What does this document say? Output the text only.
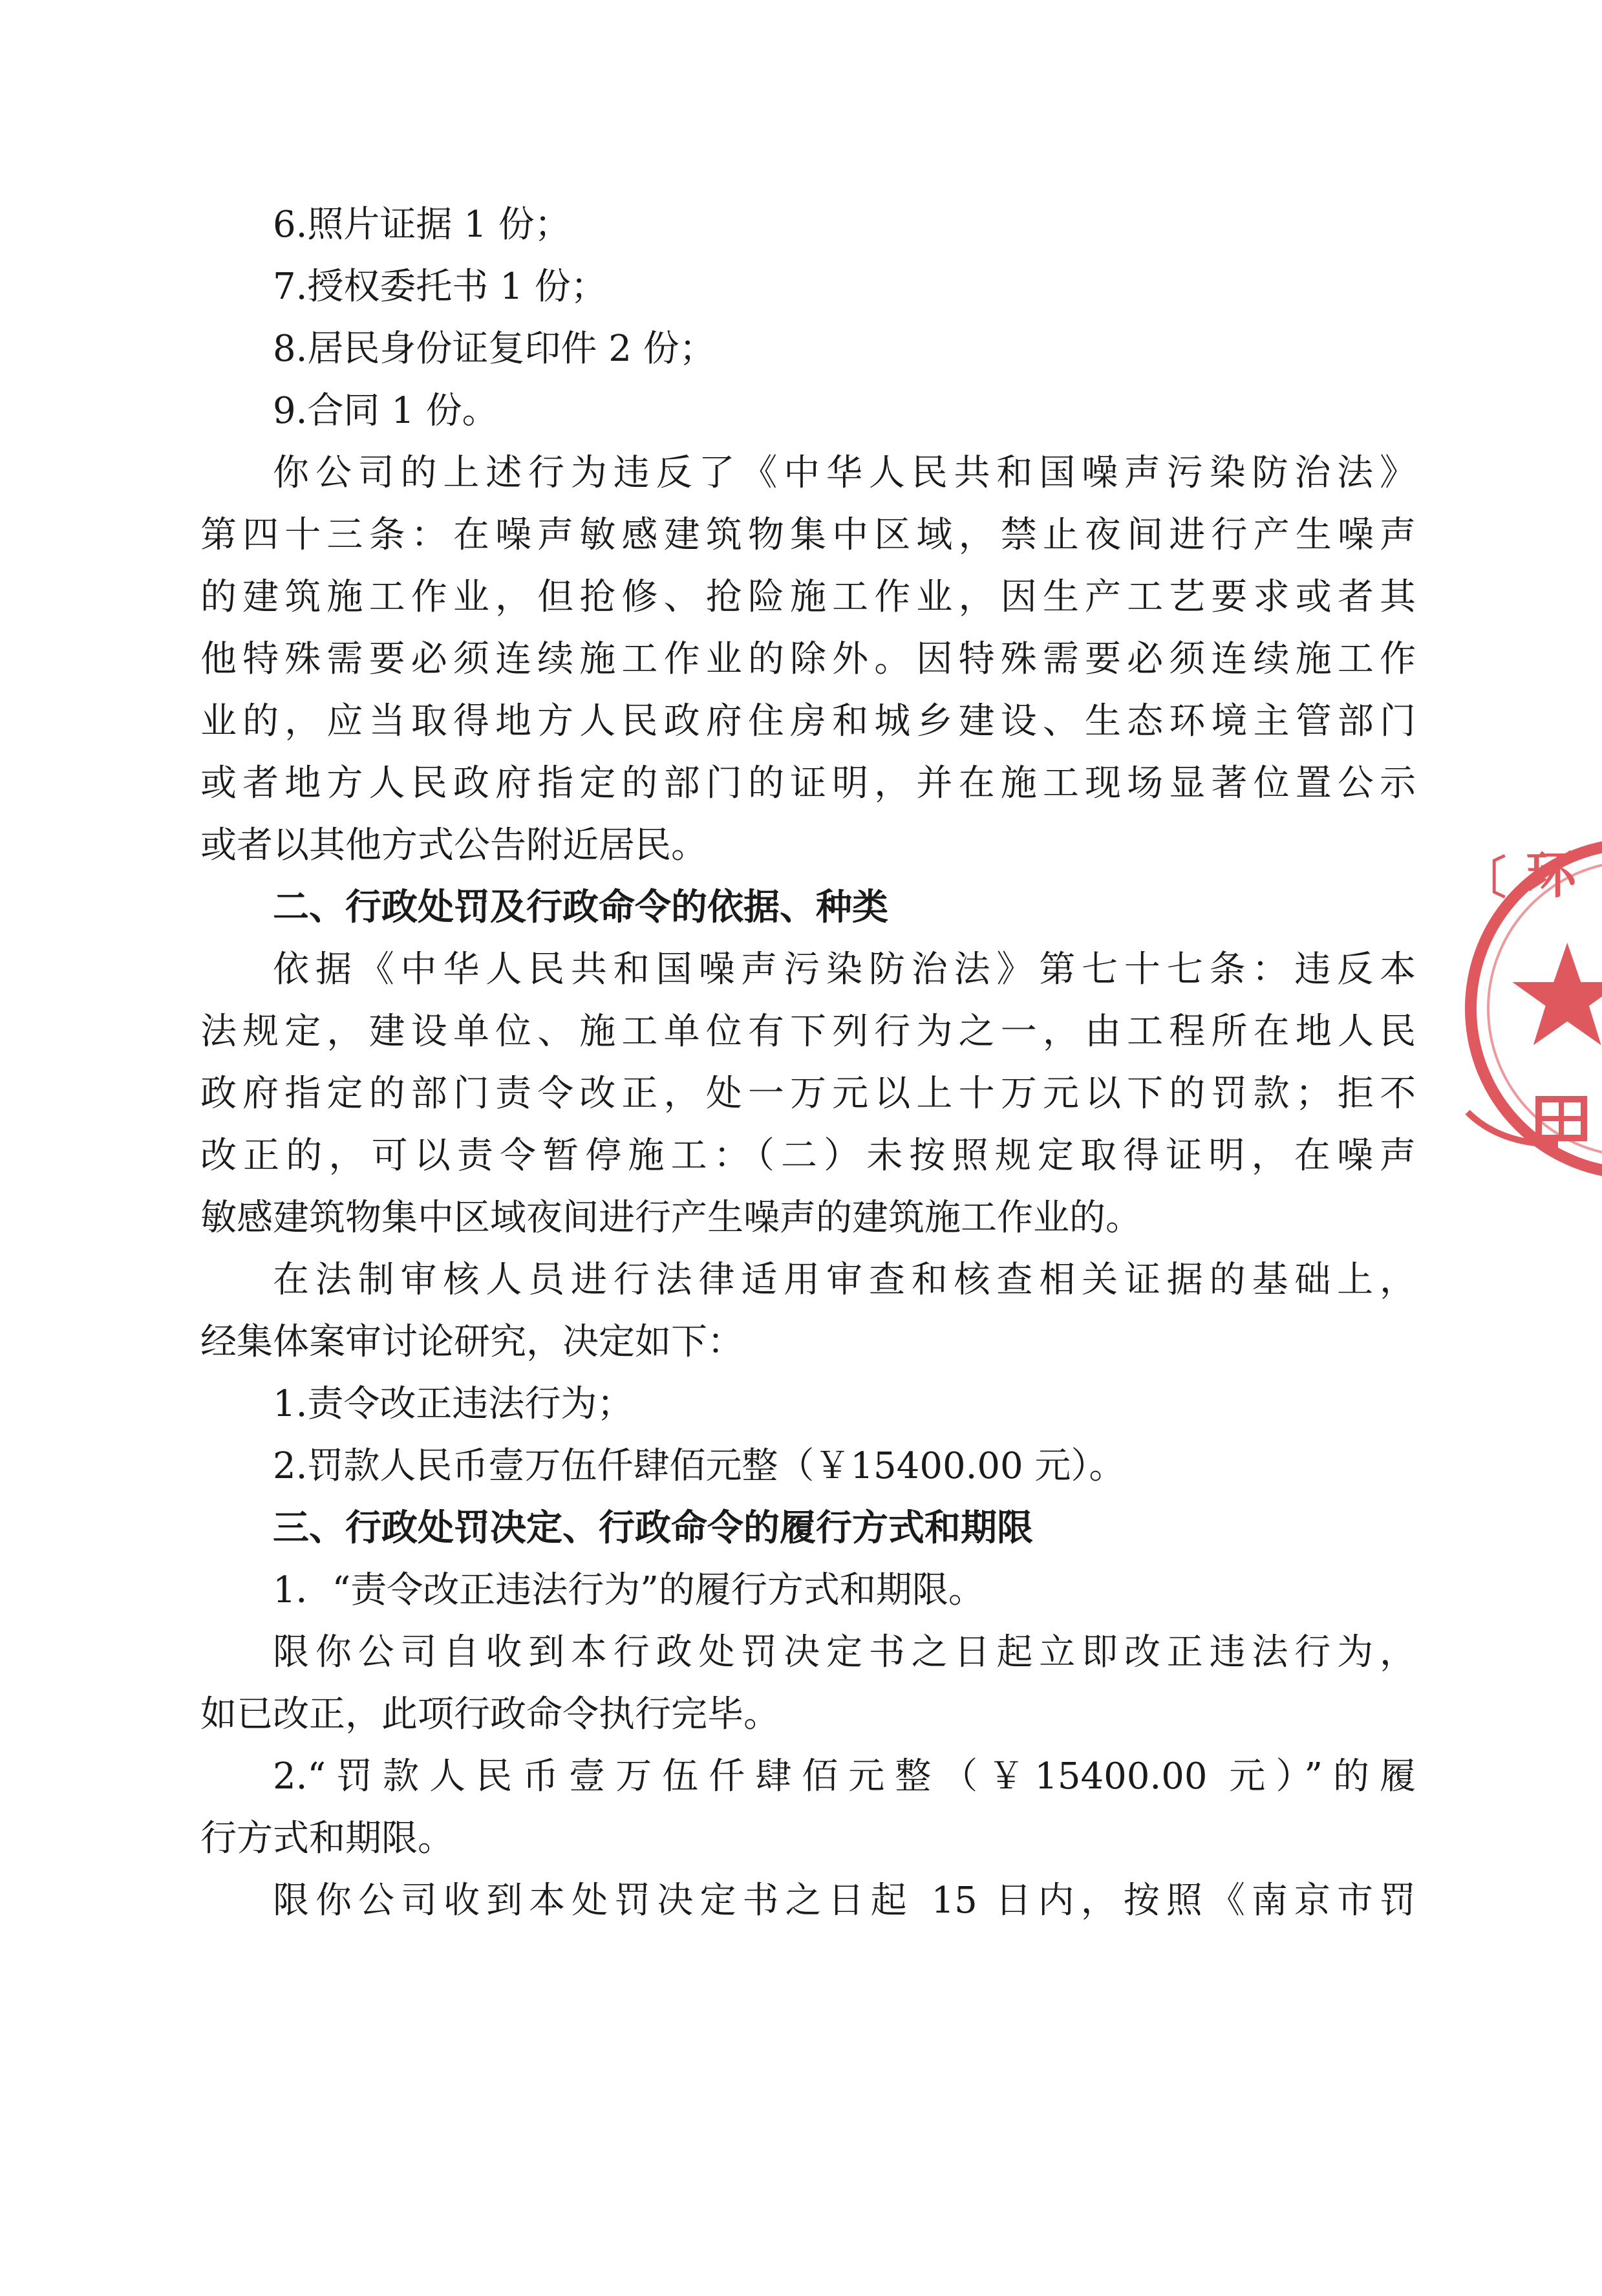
6.照片证据 1 份；
7.授权委托书 1 份；
8.居民身份证复印件 2 份；
9.合同 1 份。
你公司的上述行为违反了《中华人民共和国噪声污染防治法》
第四十三条：在噪声敏感建筑物集中区域，禁止夜间进行产生噪声
的建筑施工作业，但抢修、抢险施工作业，因生产工艺要求或者其
他特殊需要必须连续施工作业的除外。因特殊需要必须连续施工作
业的，应当取得地方人民政府住房和城乡建设、生态环境主管部门
或者地方人民政府指定的部门的证明，并在施工现场显著位置公示
或者以其他方式公告附近居民。
二、行政处罚及行政命令的依据、种类
依据《中华人民共和国噪声污染防治法》第七十七条：违反本
法规定，建设单位、施工单位有下列行为之一，由工程所在地人民
政府指定的部门责令改正，处一万元以上十万元以下的罚款；拒不
改正的，可以责令暂停施工：（二）未按照规定取得证明，在噪声
敏感建筑物集中区域夜间进行产生噪声的建筑施工作业的。
在法制审核人员进行法律适用审查和核查相关证据的基础上，
经集体案审讨论研究，决定如下：
1.责令改正违法行为；
2.罚款人民币壹万伍仟肆佰元整（￥15400.00 元）。
三、行政处罚决定、行政命令的履行方式和期限
1．“责令改正违法行为”的履行方式和期限。
限你公司自收到本行政处罚决定书之日起立即改正违法行为，
如已改正，此项行政命令执行完毕。
2.“罚款人民币壹万伍仟肆佰元整（￥15400.00 元）”的履
行方式和期限。
限你公司收到本处罚决定书之日起 15 日内，按照《南京市罚
环
〔
